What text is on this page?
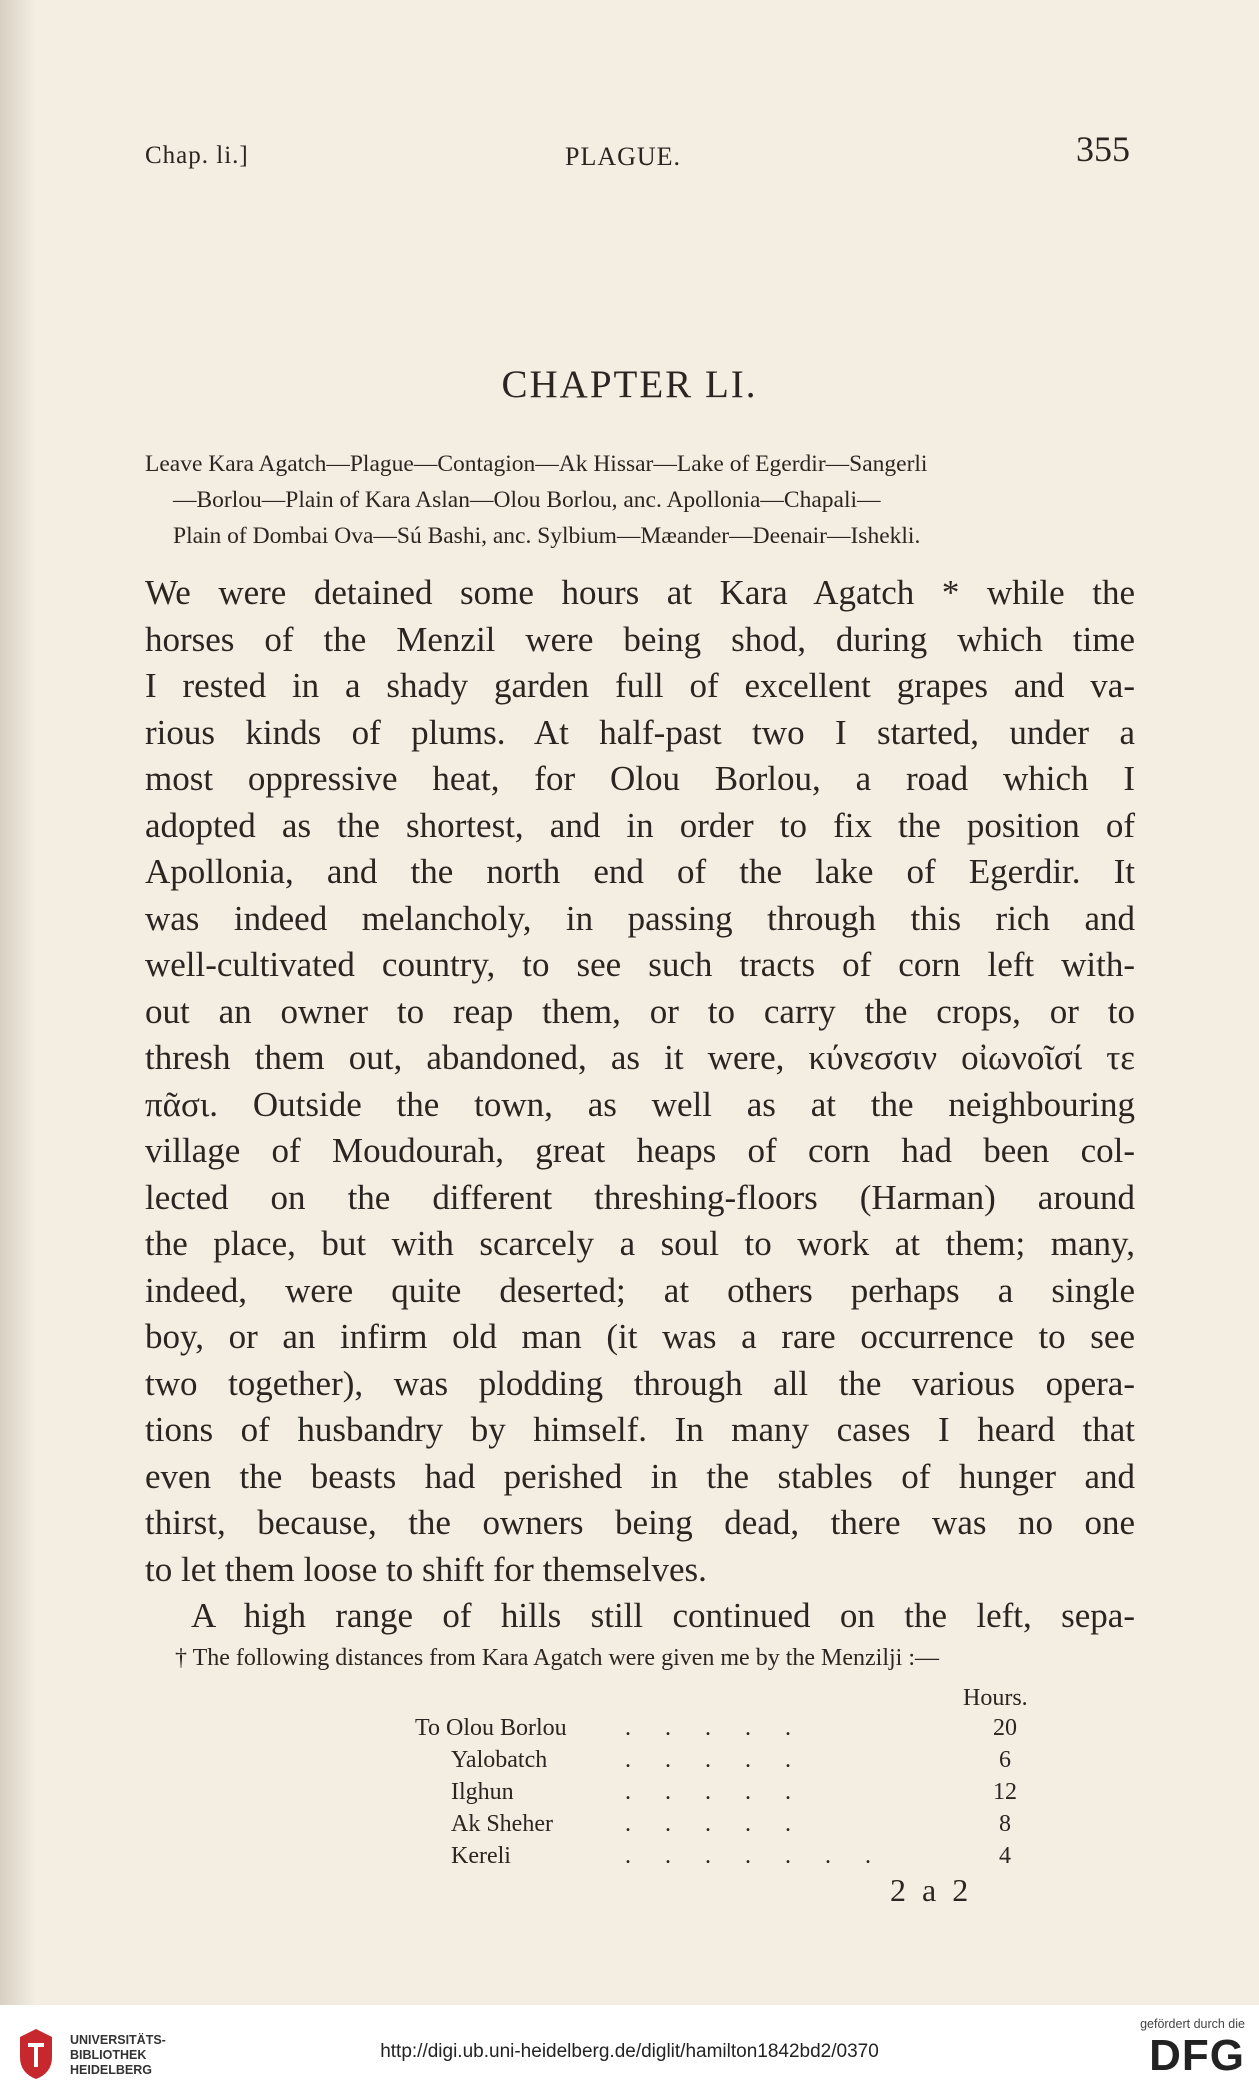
Chap. li.]	PLAGUE.	355
CHAPTER LI.
Leave Kara Agatch—Plague—Contagion—Ak Hissar—Lake of Egerdir—Sangerli
—Borlou—Plain of Kara Aslan—Olou Borlou, anc. Apollonia—Chapali—
Plain of Dombai Ova—Sú Bashi, anc. Sylbium—Mæander—Deenair—Ishekli.
We were detained some hours at Kara Agatch * while the
horses of the Menzil were being shod, during which time
I rested in a shady garden full of excellent grapes and va-
rious kinds of plums. At half-past two I started, under a
most oppressive heat, for Olou Borlou, a road which I
adopted as the shortest, and in order to fix the position of
Apollonia, and the north end of the lake of Egerdir. It
was indeed melancholy, in passing through this rich and
well-cultivated country, to see such tracts of corn left with-
out an owner to reap them, or to carry the crops, or to
thresh them out, abandoned, as it were, κύνεσσιν οἰωνοῖσί τε
πᾶσι. Outside the town, as well as at the neighbouring
village of Moudourah, great heaps of corn had been col-
lected on the different threshing-floors (Harman) around
the place, but with scarcely a soul to work at them; many,
indeed, were quite deserted; at others perhaps a single
boy, or an infirm old man (it was a rare occurrence to see
two together), was plodding through all the various opera-
tions of husbandry by himself. In many cases I heard that
even the beasts had perished in the stables of hunger and
thirst, because, the owners being dead, there was no one
to let them loose to shift for themselves.
A high range of hills still continued on the left, sepa-
† The following distances from Kara Agatch were given me by the Menzilji :—
Hours.
To Olou Borlou . . . . .	20
Yalobatch	. . . . .	6
Ilghun	. . . . .	12
Ak Sheher	. . . . .	8
Kereli	. . . . . . .	4
2 a 2
UNIVERSITÄTS-
BIBLIOTHEK
HEIDELBERG
http://digi.ub.uni-heidelberg.de/diglit/hamilton1842bd2/0370
gefördert durch die
DFG
